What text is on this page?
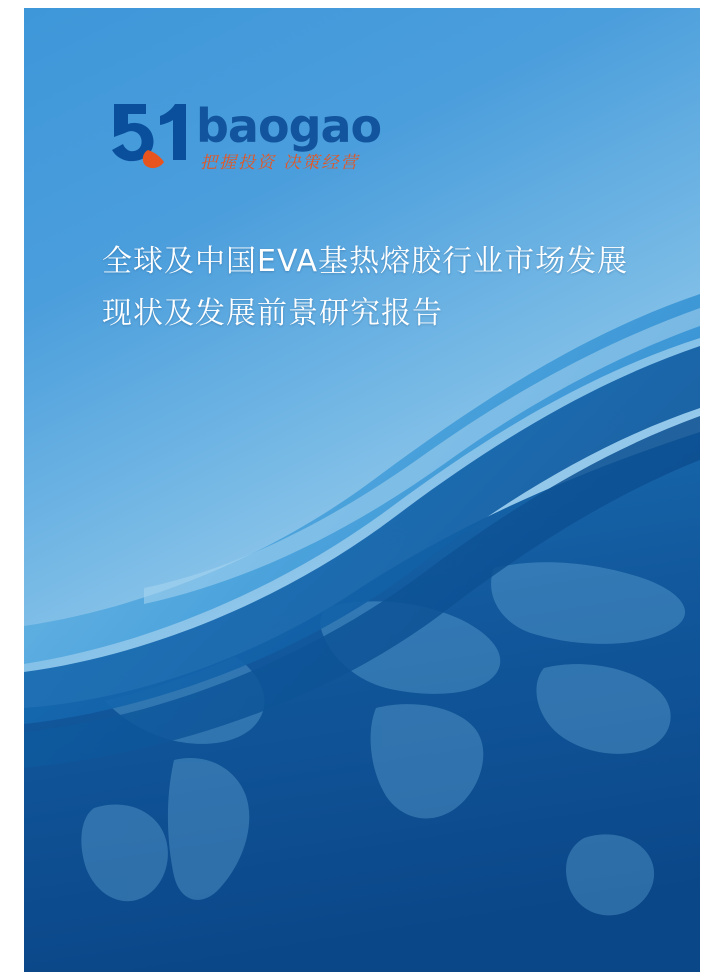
baogao
把握投资 决策经营
全球及中国EVA基热熔胶行业市场发展现状及发展前景研究报告
